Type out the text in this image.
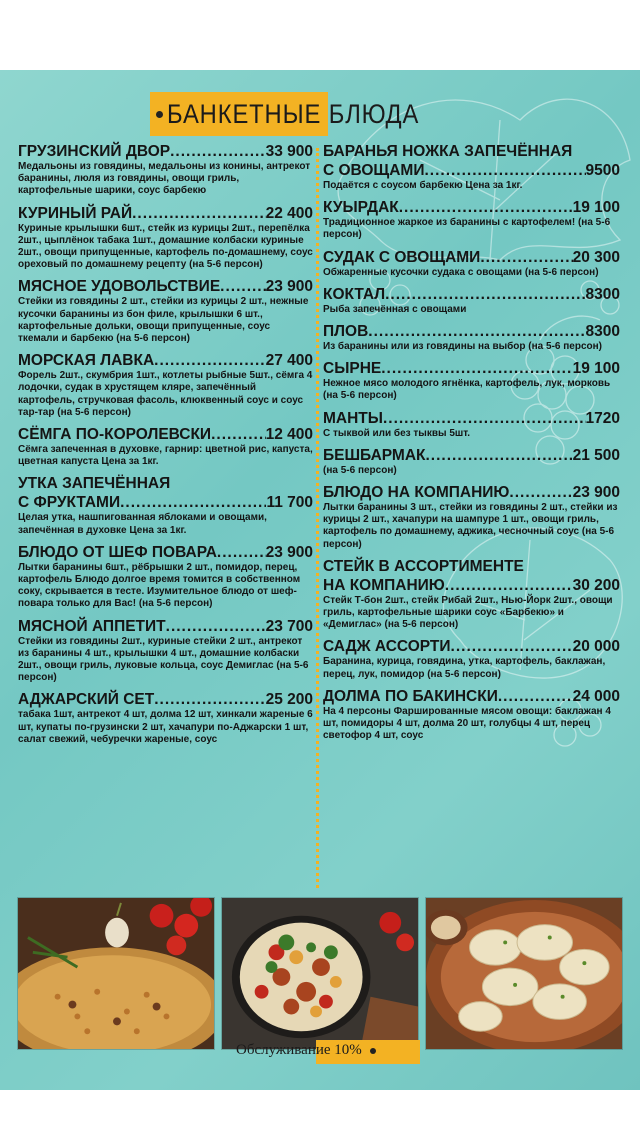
БАНКЕТНЫЕ БЛЮДА
ГРУЗИНСКИЙ ДВОР .....	33 900
Медальоны из говядины, медальоны из конины, антрекот баранины, люля из говядины, овощи гриль, картофельные шарики, соус барбекю
КУРИНЫЙ РАЙ .....	22 400
Куриные крылышки 6шт., стейк из курицы 2шт., перепёлка 2шт., цыплёнок табака 1шт., домашние колбаски куриные 2шт., овощи припущенные, картофель по-домашнему, соус ореховый по домашнему рецепту (на 5-6 персон)
МЯСНОЕ УДОВОЛЬСТВИЕ .....	23 900
Стейки из говядины 2 шт., стейки из курицы 2 шт., нежные кусочки баранины из бон филе, крылышки 6 шт., картофельные дольки, овощи припущенные, соус ткемали и барбекю (на 5-6 персон)
МОРСКАЯ ЛАВКА .....	27 400
Форель 2шт., скумбрия 1шт., котлеты рыбные 5шт., сёмга 4 лодочки, судак в хрустящем кляре, запечённый картофель, стручковая фасоль, клюквенный соус и соус тар-тар (на 5-6 персон)
СЁМГА ПО-КОРОЛЕВСКИ .....	12 400
Сёмга запеченная в духовке, гарнир: цветной рис, капуста, цветная капуста Цена за 1кг.
УТКА ЗАПЕЧЁННАЯ
С ФРУКТАМИ .....	11 700
Целая утка, нашпигованная яблоками и овощами, запечённая в духовке Цена за 1кг.
БЛЮДО ОТ ШЕФ ПОВАРА .....	23 900
Лытки баранины 6шт., рёбрышки 2 шт., помидор, перец, картофель Блюдо долгое время томится в собственном соку, скрывается в тесте. Изумительное блюдо от шеф-повара только для Вас! (на 5-6 персон)
МЯСНОЙ АППЕТИТ .....	23 700
Стейки из говядины 2шт., куриные стейки 2 шт., антрекот из баранины 4 шт., крылышки 4 шт., домашние колбаски 2шт., овощи гриль, луковые кольца, соус Демиглас (на 5-6 персон)
АДЖАРСКИЙ СЕТ .....	25 200
табака 1шт, антрекот 4 шт, долма 12 шт, хинкали жареные 6 шт, купаты по-грузински 2 шт, хачапури по-Аджарски 1 шт, салат свежий, чебуречки жареные, соус
БАРАНЬЯ НОЖКА ЗАПЕЧЁННАЯ
С ОВОЩАМИ .....	9500
Подаётся с соусом барбекю Цена за 1кг.
КУЫРДАК .....	19 100
Традиционное жаркое из баранины с картофелем! (на 5-6 персон)
СУДАК С ОВОЩАМИ .....	20 300
Обжаренные кусочки судака с овощами (на 5-6 персон)
КОКТАЛ .....	8300
Рыба запечённая с овощами
ПЛОВ .....	8300
Из баранины или из говядины на выбор (на 5-6 персон)
СЫРНЕ .....	19 100
Нежное мясо молодого ягнёнка, картофель, лук, морковь (на 5-6 персон)
МАНТЫ .....	1720
С тыквой или без тыквы 5шт.
БЕШБАРМАК .....	21 500
(на 5-6 персон)
БЛЮДО НА КОМПАНИЮ .....	23 900
Лытки баранины 3 шт., стейки из говядины 2 шт., стейки из курицы 2 шт., хачапури на шампуре 1 шт., овощи гриль, картофель по домашнему, аджика, чесночный соус (на 5-6 персон)
СТЕЙК В АССОРТИМЕНТЕ
НА КОМПАНИЮ .....	30 200
Стейк Т-бон 2шт., стейк Рибай 2шт., Нью-Йорк 2шт., овощи гриль, картофельные шарики соус «Барбекю» и «Демиглас» (на 5-6 персон)
САДЖ АССОРТИ .....	20 000
Баранина, курица, говядина, утка, картофель, баклажан, перец, лук, помидор (на 5-6 персон)
ДОЛМА ПО БАКИНСКИ .....	24 000
На 4 персоны Фаршированные мясом овощи: баклажан 4 шт, помидоры 4 шт, долма 20 шт, голубцы 4 шт, перец светофор 4 шт, соус
Обслуживание 10%
